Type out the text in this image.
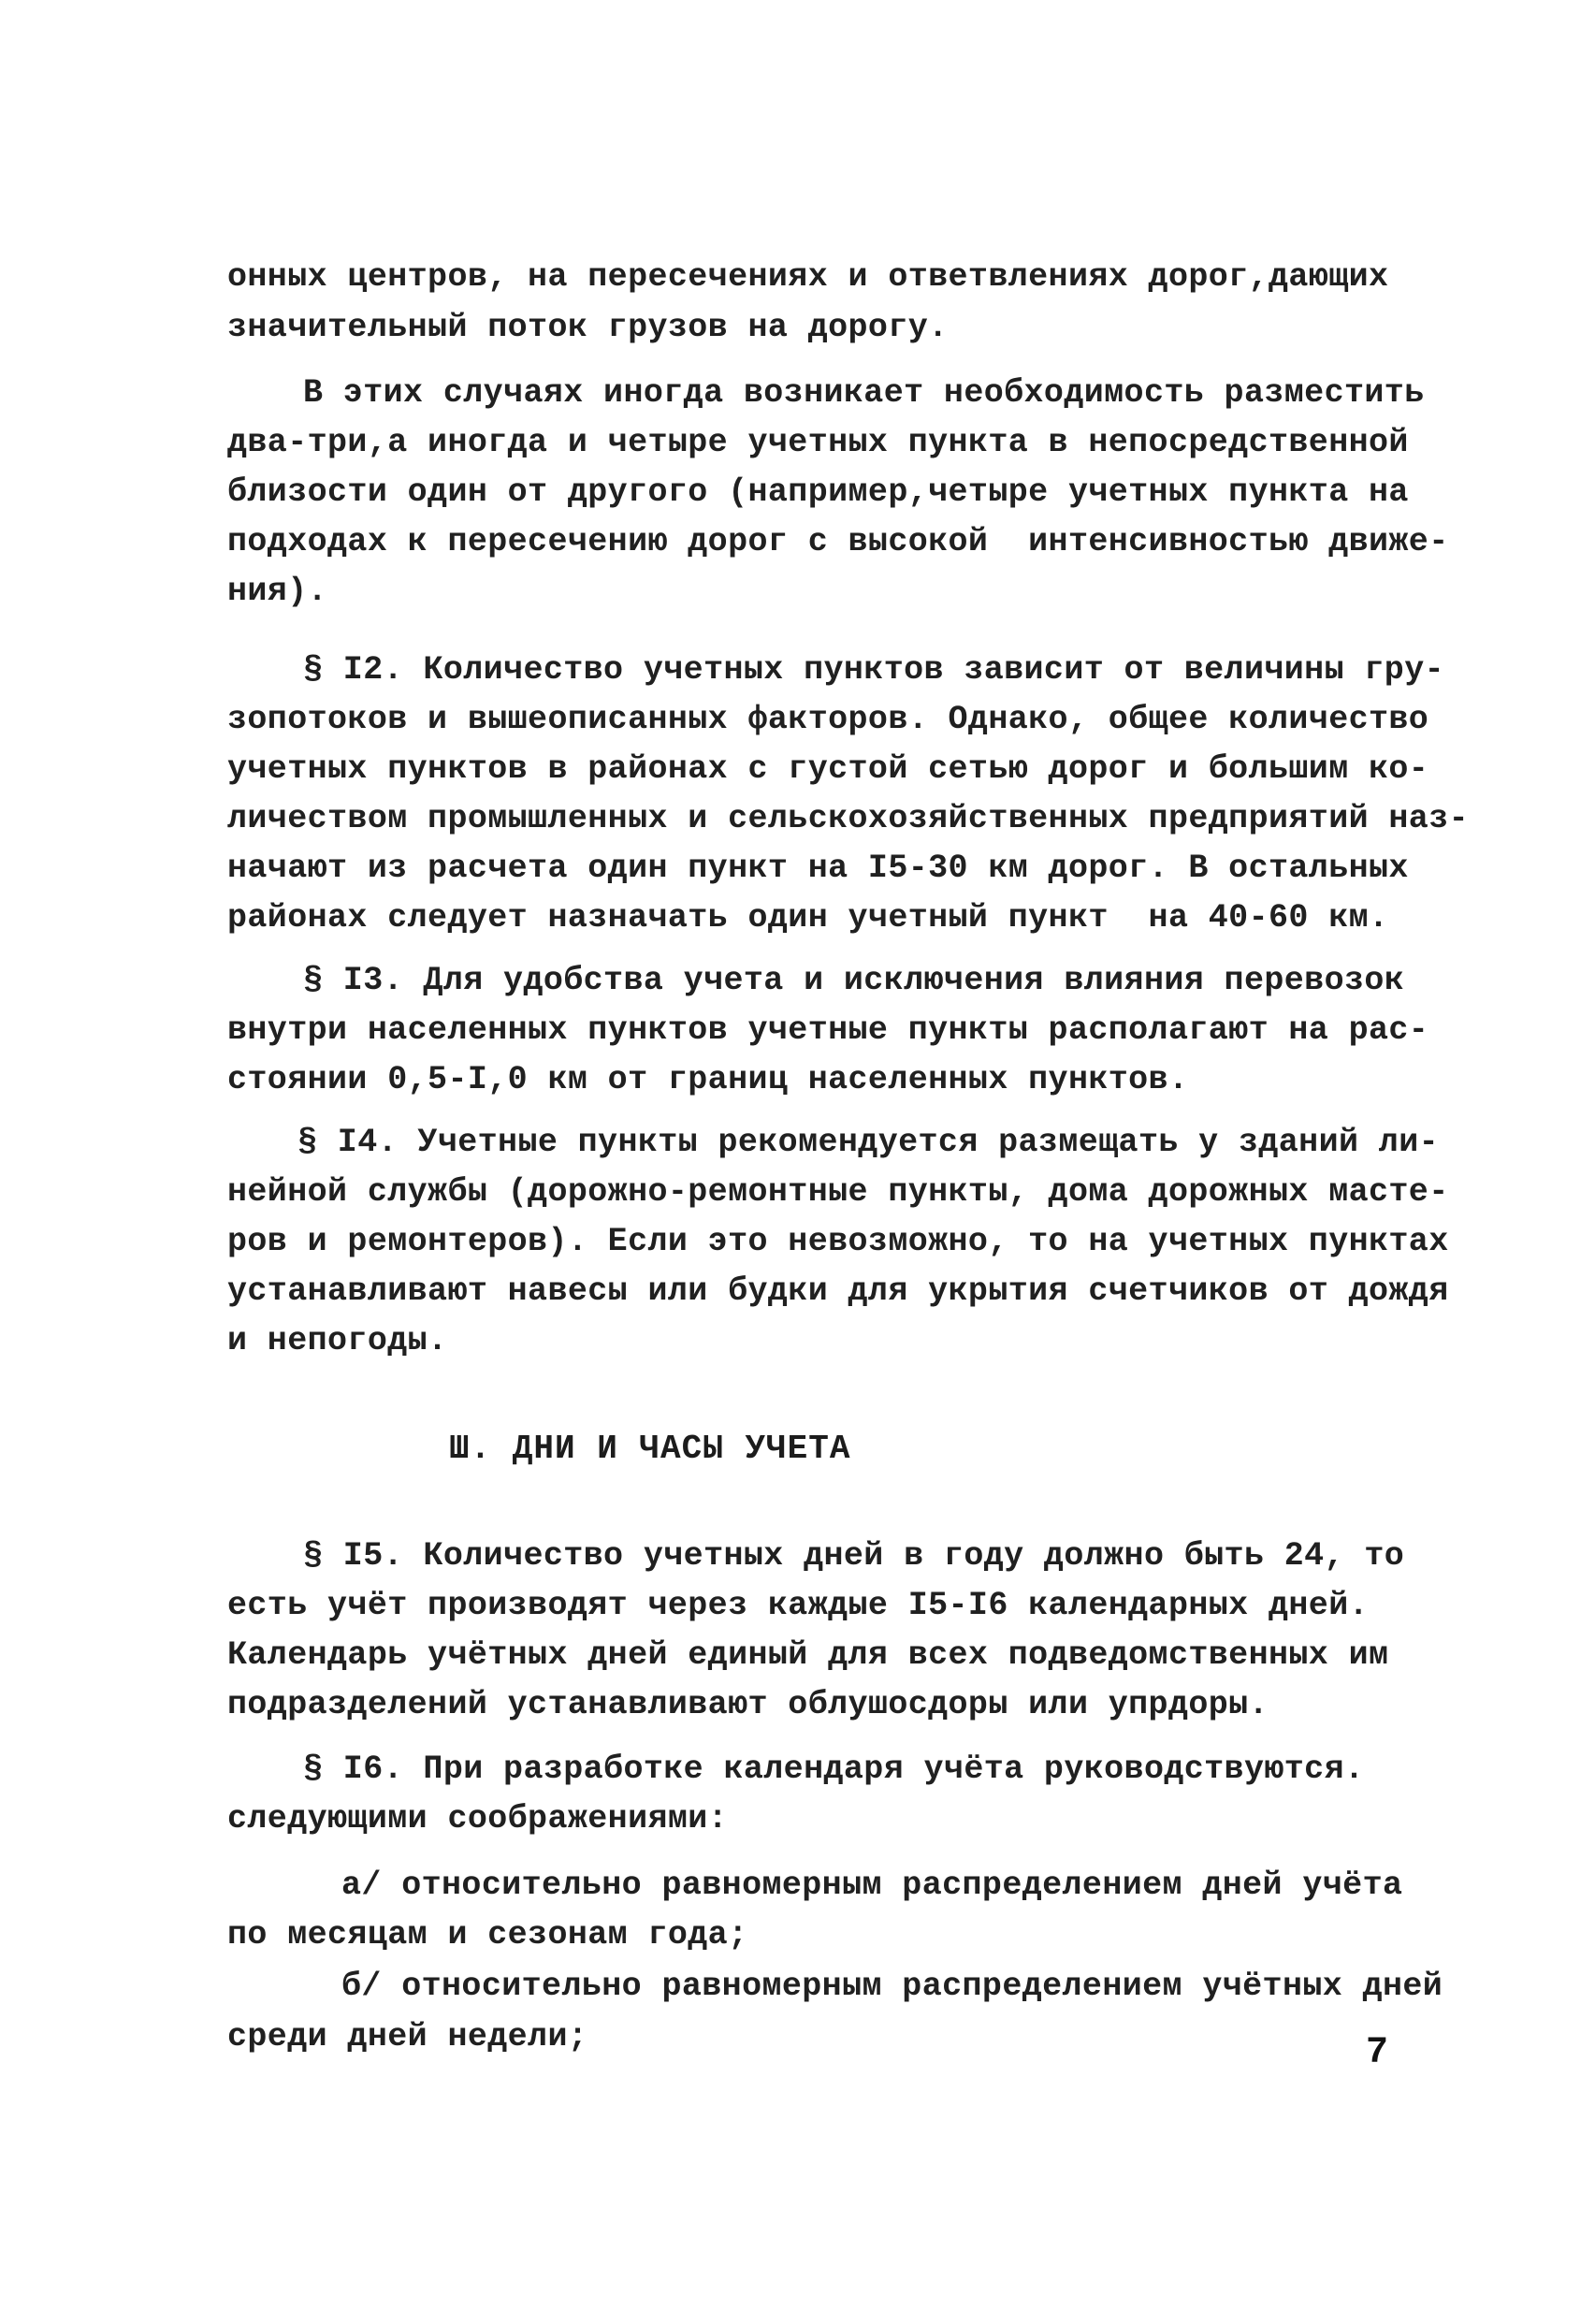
онных центров, на пересечениях и ответвлениях дорог,дающих
значительный поток грузов на дорогу.
В этих случаях иногда возникает необходимость разместить
два-три,а иногда и четыре учетных пункта в непосредственной
близости один от другого (например,четыре учетных пункта на
подходах к пересечению дорог с высокой  интенсивностью движе-
ния).
§ I2. Количество учетных пунктов зависит от величины гру-
зопотоков и вышеописанных факторов. Однако, общее количество
учетных пунктов в районах с густой сетью дорог и большим ко-
личеством промышленных и сельскохозяйственных предприятий наз-
начают из расчета один пункт на I5-30 км дорог. В остальных
районах следует назначать один учетный пункт  на 40-60 км.
§ I3. Для удобства учета и исключения влияния перевозок
внутри населенных пунктов учетные пункты располагают на рас-
стоянии 0,5-I,0 км от границ населенных пунктов.
§ I4. Учетные пункты рекомендуется размещать у зданий ли-
нейной службы (дорожно-ремонтные пункты, дома дорожных масте-
ров и ремонтеров). Если это невозможно, то на учетных пунктах
устанавливают навесы или будки для укрытия счетчиков от дождя
и непогоды.
Ш. ДНИ И ЧАСЫ УЧЕТА
§ I5. Количество учетных дней в году должно быть 24, то
есть учёт производят через каждые I5-I6 календарных дней.
Календарь учётных дней единый для всех подведомственных им
подразделений устанавливают облушосдоры или упрдоры.
§ I6. При разработке календаря учёта руководствуются.
следующими соображениями:
а/ относительно равномерным распределением дней учёта
по месяцам и сезонам года;
б/ относительно равномерным распределением учётных дней
среди дней недели;	7
